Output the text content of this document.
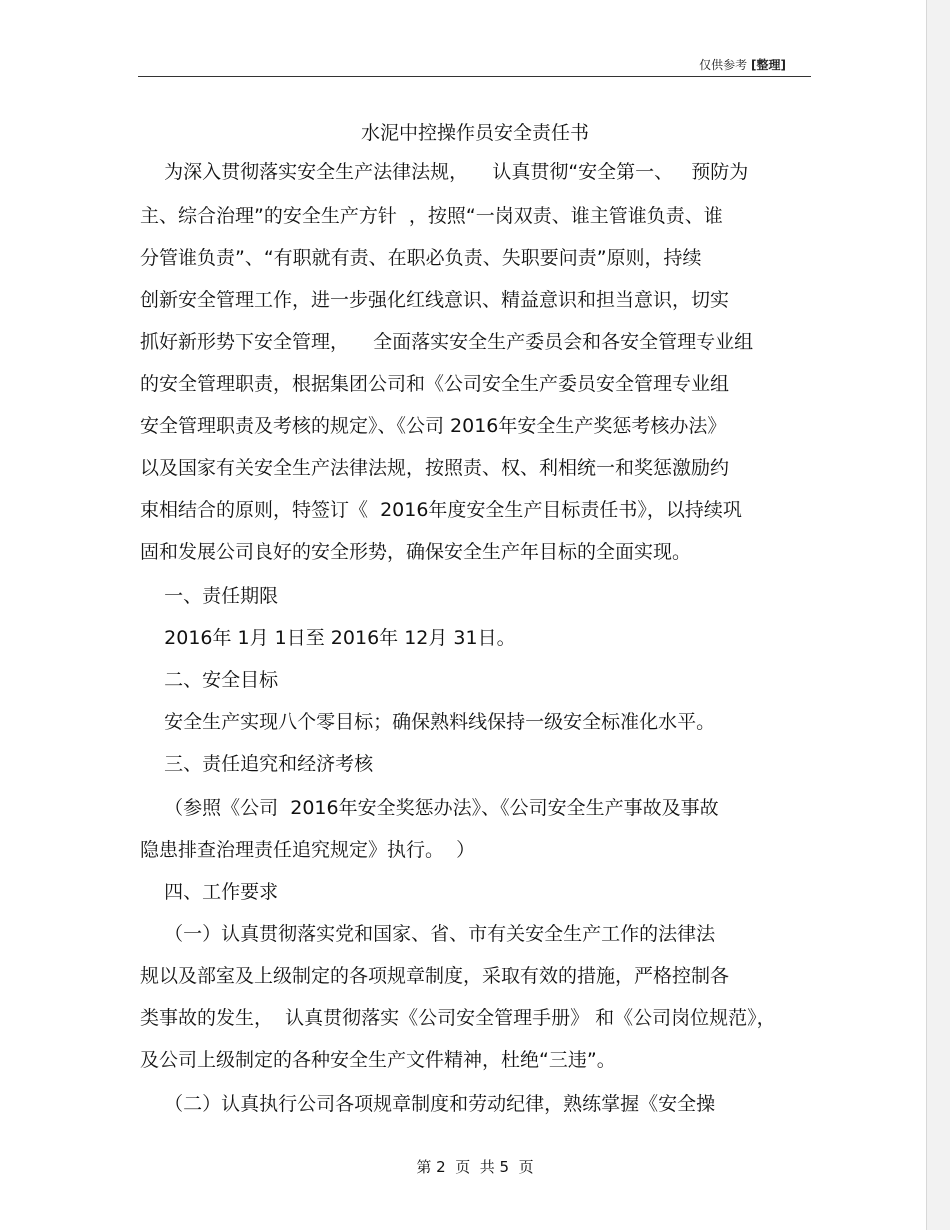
仅供参考 [整理]
水泥中控操作员安全责任书
为深入贯彻落实安全生产法律法规，    认真贯彻“安全第一、   预防为
主、综合治理”的安全生产方针  ，按照“一岗双责、谁主管谁负责、谁
分管谁负责”、“有职就有责、在职必负责、失职要问责”原则，持续
创新安全管理工作，进一步强化红线意识、精益意识和担当意识，切实
抓好新形势下安全管理，    全面落实安全生产委员会和各安全管理专业组
的安全管理职责，根据集团公司和《公司安全生产委员安全管理专业组
安全管理职责及考核的规定》、《公司 2016年安全生产奖惩考核办法》
以及国家有关安全生产法律法规，按照责、权、利相统一和奖惩激励约
束相结合的原则，特签订《  2016年度安全生产目标责任书》，以持续巩
固和发展公司良好的安全形势，确保安全生产年目标的全面实现。
一、责任期限
2016年 1月 1日至 2016年 12月 31日。
二、安全目标
安全生产实现八个零目标；确保熟料线保持一级安全标准化水平。
三、责任追究和经济考核
（参照《公司  2016年安全奖惩办法》、《公司安全生产事故及事故
隐患排查治理责任追究规定》执行。  ）
四、工作要求
（一）认真贯彻落实党和国家、省、市有关安全生产工作的法律法
规以及部室及上级制定的各项规章制度，采取有效的措施，严格控制各
类事故的发生，  认真贯彻落实《公司安全管理手册》 和《公司岗位规范》，
及公司上级制定的各种安全生产文件精神，杜绝“三违”。
（二）认真执行公司各项规章制度和劳动纪律，熟练掌握《安全操
第 2  页  共 5  页
